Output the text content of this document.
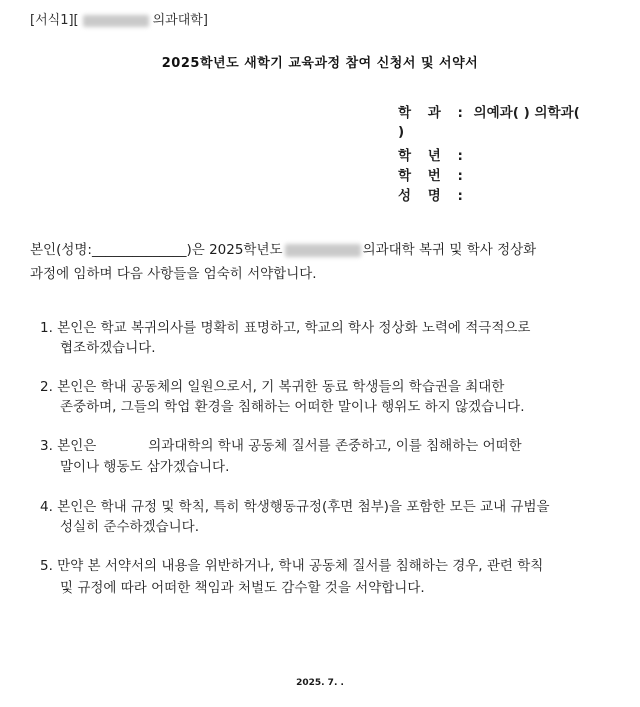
[서식1][	의과대학]
2025학년도 새학기 교육과정 참여 신청서 및 서약서
학 과 : 의예과( ) 의학과(
)
학 년 :
학 번 :
성 명 :
본인(성명:______________)은 2025학년도	의과대학 복귀 및 학사 정상화
과정에 임하며 다음 사항들을 엄숙히 서약합니다.
1. 본인은 학교 복귀의사를 명확히 표명하고, 학교의 학사 정상화 노력에 적극적으로
협조하겠습니다.
2. 본인은 학내 공동체의 일원으로서, 기 복귀한 동료 학생들의 학습권을 최대한
존중하며, 그들의 학업 환경을 침해하는 어떠한 말이나 행위도 하지 않겠습니다.
3. 본인은	의과대학의 학내 공동체 질서를 존중하고, 이를 침해하는 어떠한
말이나 행동도 삼가겠습니다.
4. 본인은 학내 규정 및 학칙, 특히 학생행동규정(후면 첨부)을 포함한 모든 교내 규범을
성실히 준수하겠습니다.
5. 만약 본 서약서의 내용을 위반하거나, 학내 공동체 질서를 침해하는 경우, 관련 학칙
및 규정에 따라 어떠한 책임과 처벌도 감수할 것을 서약합니다.
2025. 7. .
